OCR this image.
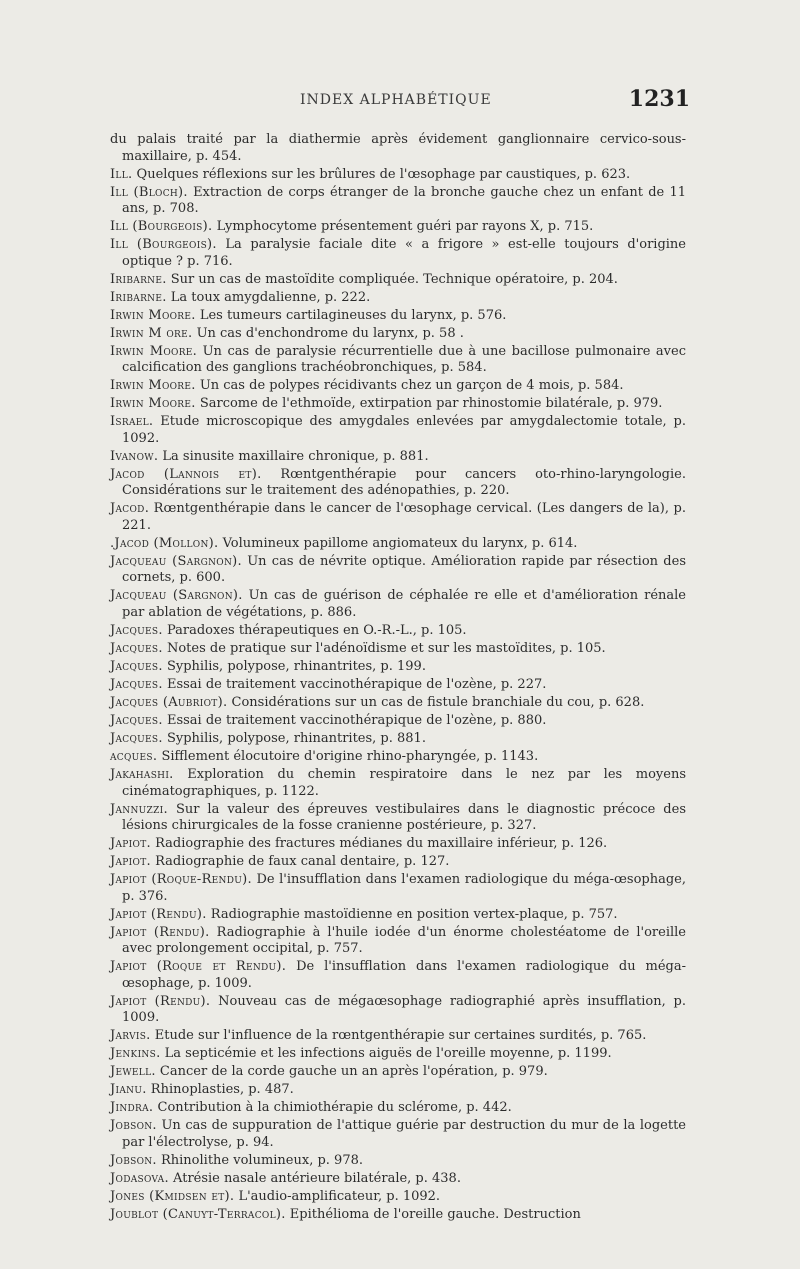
INDEX ALPHABÉTIQUE	1231

du palais traité par la diathermie après évidement ganglionnaire cervico-sous-maxillaire, p. 454.

Ill. Quelques réflexions sur les brûlures de l'œsophage par caustiques, p. 623.

Ill (Bloch). Extraction de corps étranger de la bronche gauche chez un enfant de 11 ans, p. 708.

Ill (Bourgeois). Lymphocytome présentement guéri par rayons X, p. 715.

Ill (Bourgeois). La paralysie faciale dite « a frigore » est-elle toujours d'origine optique ? p. 716.

Iribarne. Sur un cas de mastoïdite compliquée. Technique opératoire, p. 204.

Iribarne. La toux amygdalienne, p. 222.

Irwin Moore. Les tumeurs cartilagineuses du larynx, p. 576.

Irwin M ore. Un cas d'enchondrome du larynx, p. 58 .

Irwin Moore. Un cas de paralysie récurrentielle due à une bacillose pulmonaire avec calcification des ganglions trachéobronchiques, p. 584.

Irwin Moore. Un cas de polypes récidivants chez un garçon de 4 mois, p. 584.

Irwin Moore. Sarcome de l'ethmoïde, extirpation par rhinostomie bilatérale, p. 979.

Israel. Etude microscopique des amygdales enlevées par amygdalectomie totale, p. 1092.

Ivanow. La sinusite maxillaire chronique, p. 881.

Jacod (Lannois et). Rœntgenthérapie pour cancers oto-rhino-laryngologie. Considérations sur le traitement des adénopathies, p. 220.

Jacod. Rœntgenthérapie dans le cancer de l'œsophage cervical. (Les dangers de la), p. 221.

.Jacod (Mollon). Volumineux papillome angiomateux du larynx, p. 614.

Jacqueau (Sargnon). Un cas de névrite optique. Amélioration rapide par résection des cornets, p. 600.

Jacqueau (Sargnon). Un cas de guérison de céphalée re elle et d'amélioration rénale par ablation de végétations, p. 886.

Jacques. Paradoxes thérapeutiques en O.-R.-L., p. 105.

Jacques. Notes de pratique sur l'adénoïdisme et sur les mastoïdites, p. 105.

Jacques. Syphilis, polypose, rhinantrites, p. 199.

Jacques. Essai de traitement vaccinothérapique de l'ozène, p. 227.

Jacques (Aubriot). Considérations sur un cas de fistule branchiale du cou, p. 628.

Jacques. Essai de traitement vaccinothérapique de l'ozène, p. 880.

Jacques. Syphilis, polypose, rhinantrites, p. 881.

acques. Sifflement élocutoire d'origine rhino-pharyngée, p. 1143.

Jakahashi. Exploration du chemin respiratoire dans le nez par les moyens cinématographiques, p. 1122.

Jannuzzi. Sur la valeur des épreuves vestibulaires dans le diagnostic précoce des lésions chirurgicales de la fosse cranienne postérieure, p. 327.

Japiot. Radiographie des fractures médianes du maxillaire inférieur, p. 126.

Japiot. Radiographie de faux canal dentaire, p. 127.

Japiot (Roque-Rendu). De l'insufflation dans l'examen radiologique du méga-œsophage, p. 376.

Japiot (Rendu). Radiographie mastoïdienne en position vertex-plaque, p. 757.

Japiot (Rendu). Radiographie à l'huile iodée d'un énorme cholestéatome de l'oreille avec prolongement occipital, p. 757.

Japiot (Roque et Rendu). De l'insufflation dans l'examen radiologique du méga-œsophage, p. 1009.

Japiot (Rendu). Nouveau cas de mégaœsophage radiographié après insufflation, p. 1009.

Jarvis. Etude sur l'influence de la rœntgenthérapie sur certaines surdités, p. 765.

Jenkins. La septicémie et les infections aiguës de l'oreille moyenne, p. 1199.

Jewell. Cancer de la corde gauche un an après l'opération, p. 979.

Jianu. Rhinoplasties, p. 487.

Jindra. Contribution à la chimiothérapie du sclérome, p. 442.

Jobson. Un cas de suppuration de l'attique guérie par destruction du mur de la logette par l'électrolyse, p. 94.

Jobson. Rhinolithe volumineux, p. 978.

Jodasova. Atrésie nasale antérieure bilatérale, p. 438.

Jones (Kmidsen et). L'audio-amplificateur, p. 1092.

Joublot (Canuyt-Terracol). Epithélioma de l'oreille gauche. Destruction
